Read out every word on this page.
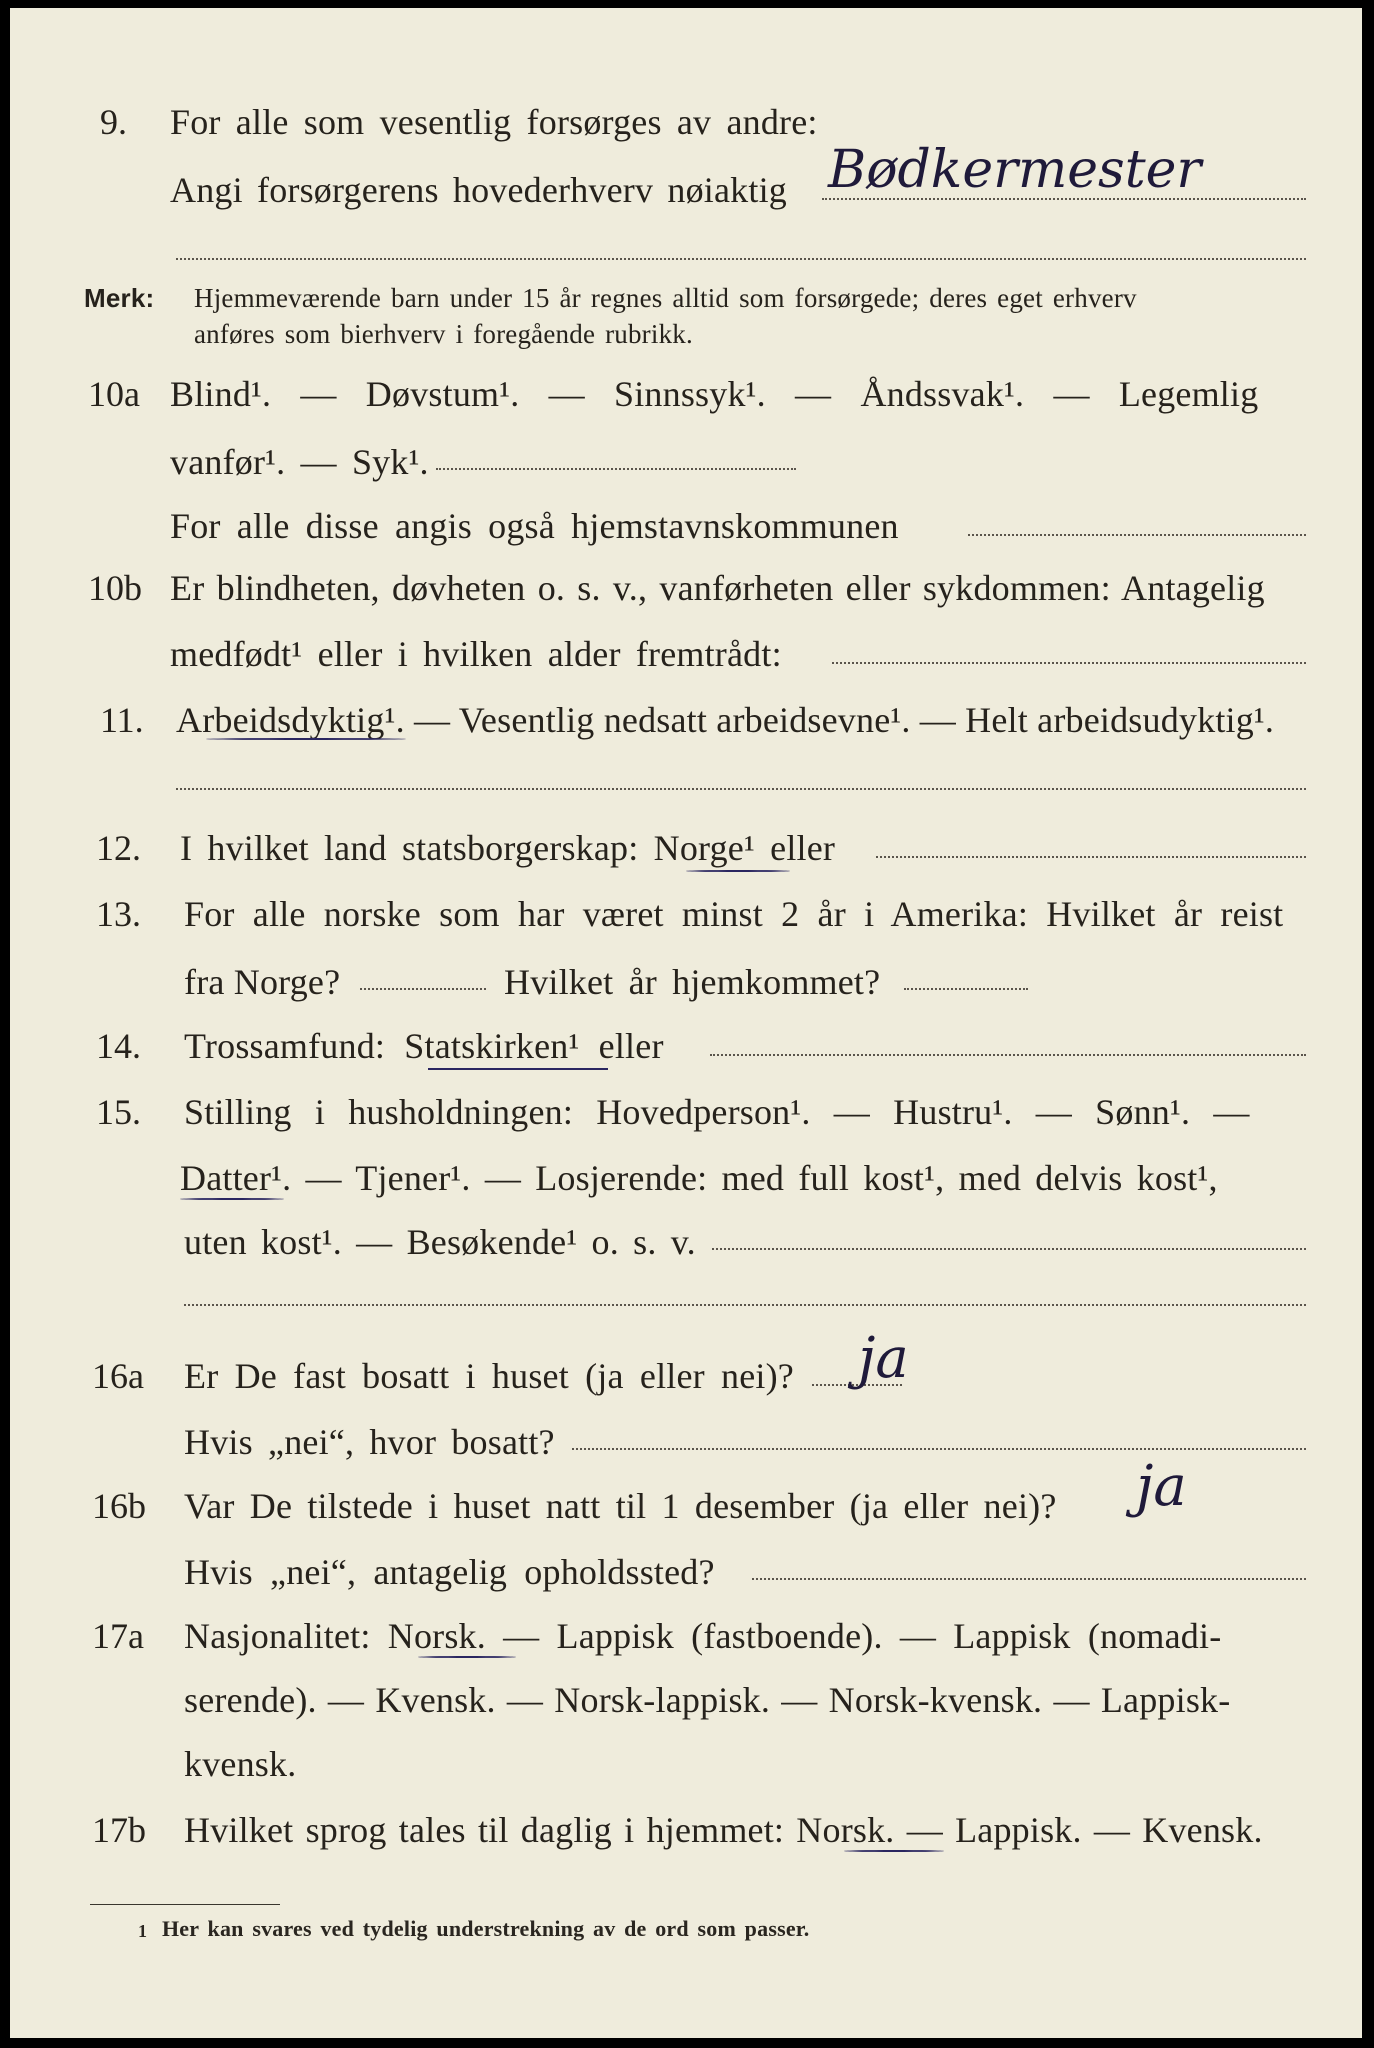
9. For alle som vesentlig forsørges av andre:
Angi forsørgerens hovederhverv nøiaktig Bødkermester
Merk: Hjemmeværende barn under 15 år regnes alltid som forsørgede; deres eget erhverv
anføres som bierhverv i foregående rubrikk.
10a Blind¹. — Døvstum¹. — Sinnssyk¹. — Åndssvak¹. — Legemlig
vanfør¹. — Syk¹.
For alle disse angis også hjemstavnskommunen
10b Er blindheten, døvheten o. s. v., vanførheten eller sykdommen: Antagelig
medfødt¹ eller i hvilken alder fremtrådt:
11. Arbeidsdyktig¹. — Vesentlig nedsatt arbeidsevne¹. — Helt arbeidsudyktig¹.
12. I hvilket land statsborgerskap: Norge¹ eller
13. For alle norske som har været minst 2 år i Amerika: Hvilket år reist
fra Norge?	Hvilket år hjemkommet?
14. Trossamfund: Statskirken¹ eller
15. Stilling i husholdningen: Hovedperson¹. — Hustru¹. — Sønn¹. —
Datter¹. — Tjener¹. — Losjerende: med full kost¹, med delvis kost¹,
uten kost¹. — Besøkende¹ o. s. v.
16a Er De fast bosatt i huset (ja eller nei)? ja
Hvis „nei“, hvor bosatt?
16b Var De tilstede i huset natt til 1 desember (ja eller nei)? ja
Hvis „nei“, antagelig opholdssted?
17a Nasjonalitet: Norsk. — Lappisk (fastboende). — Lappisk (nomadi-
serende). — Kvensk. — Norsk-lappisk. — Norsk-kvensk. — Lappisk-
kvensk.
17b Hvilket sprog tales til daglig i hjemmet: Norsk. — Lappisk. — Kvensk.
1 Her kan svares ved tydelig understrekning av de ord som passer.
